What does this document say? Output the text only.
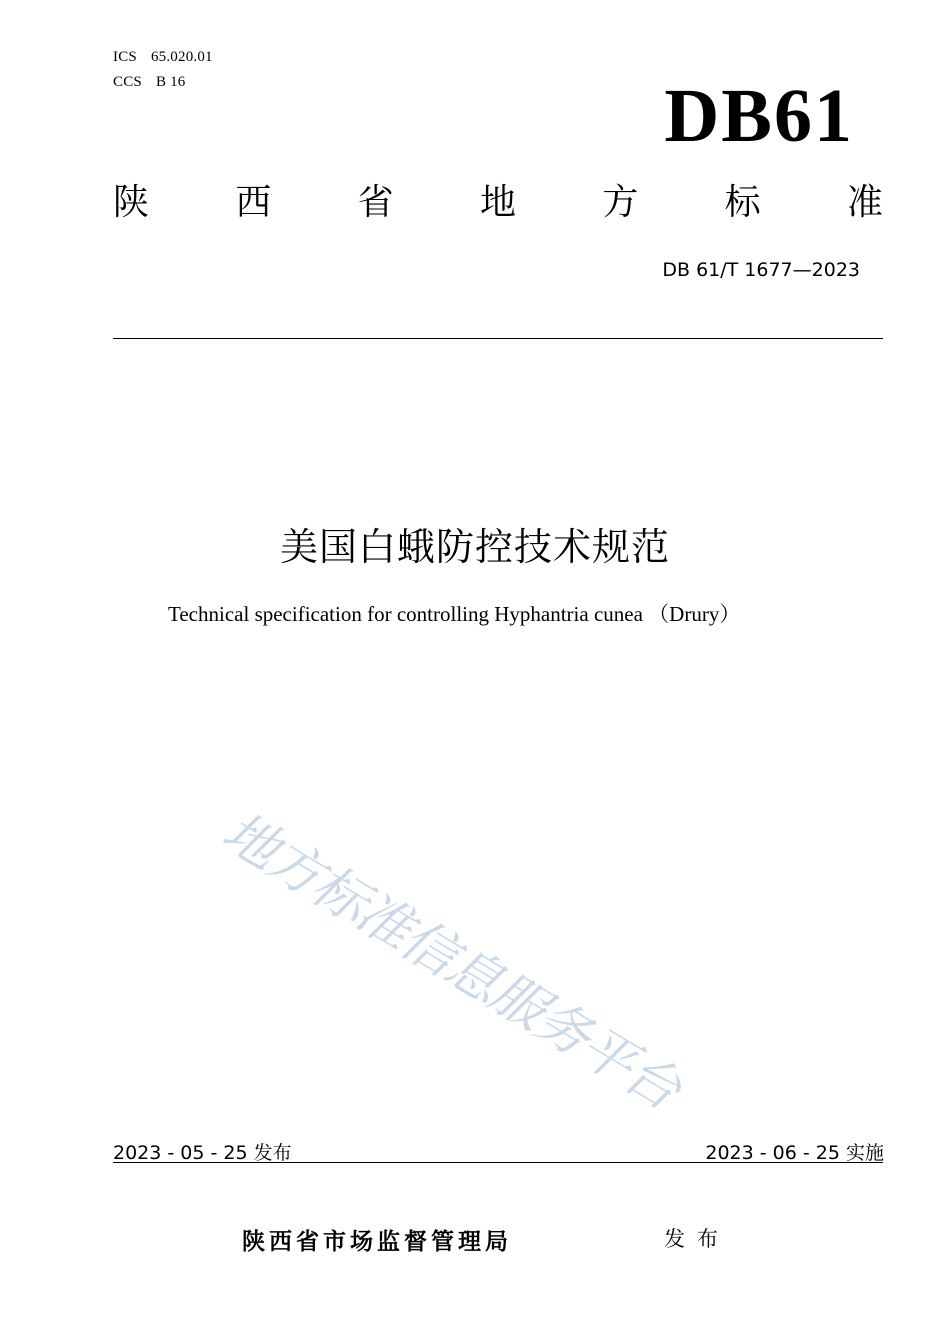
ICS 65.020.01
CCS B 16	DB61
陕 西 省 地 方 标 准
DB 61/T 1677—2023
美国白蛾防控技术规范
Technical specification for controlling Hyphantria cunea （Drury）
地方标准信息服务平台
2023 - 05 - 25 发布	2023 - 06 - 25 实施
陕西省市场监督管理局	发布
